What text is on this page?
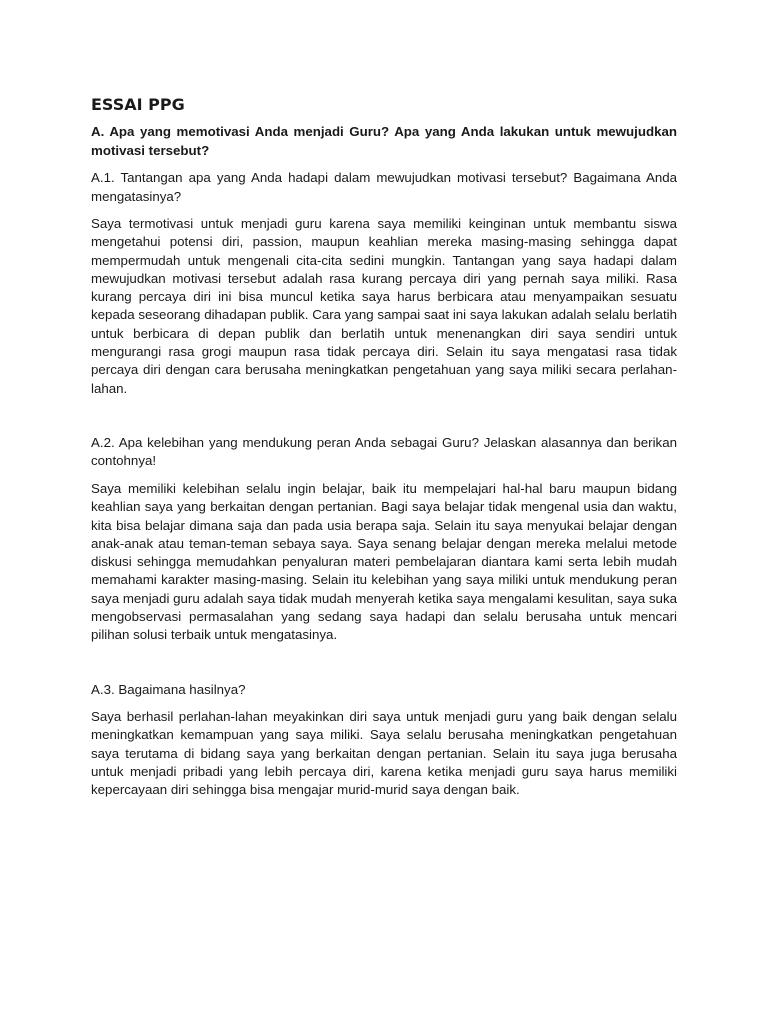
ESSAI PPG
A. Apa yang memotivasi Anda menjadi Guru? Apa yang Anda lakukan untuk mewujudkan motivasi tersebut?
A.1. Tantangan apa yang Anda hadapi dalam mewujudkan motivasi tersebut? Bagaimana Anda mengatasinya?
Saya termotivasi untuk menjadi guru karena saya memiliki keinginan untuk membantu siswa mengetahui potensi diri, passion, maupun keahlian mereka masing-masing sehingga dapat mempermudah untuk mengenali cita-cita sedini mungkin. Tantangan yang saya hadapi dalam mewujudkan motivasi tersebut adalah rasa kurang percaya diri yang pernah saya miliki. Rasa kurang percaya diri ini bisa muncul ketika saya harus berbicara atau menyampaikan sesuatu kepada seseorang dihadapan publik. Cara yang sampai saat ini saya lakukan adalah selalu berlatih untuk berbicara di depan publik dan berlatih untuk menenangkan diri saya sendiri untuk mengurangi rasa grogi maupun rasa tidak percaya diri. Selain itu saya mengatasi rasa tidak percaya diri dengan cara berusaha meningkatkan pengetahuan yang saya miliki secara perlahan-lahan.
A.2. Apa kelebihan yang mendukung peran Anda sebagai Guru? Jelaskan alasannya dan berikan contohnya!
Saya memiliki kelebihan selalu ingin belajar, baik itu mempelajari hal-hal baru maupun bidang keahlian saya yang berkaitan dengan pertanian. Bagi saya belajar tidak mengenal usia dan waktu, kita bisa belajar dimana saja dan pada usia berapa saja. Selain itu saya menyukai belajar dengan anak-anak atau teman-teman sebaya saya. Saya senang belajar dengan mereka melalui metode diskusi sehingga memudahkan penyaluran materi pembelajaran diantara kami serta lebih mudah memahami karakter masing-masing. Selain itu kelebihan yang saya miliki untuk mendukung peran saya menjadi guru adalah saya tidak mudah menyerah ketika saya mengalami kesulitan, saya suka mengobservasi permasalahan yang sedang saya hadapi dan selalu berusaha untuk mencari pilihan solusi terbaik untuk mengatasinya.
A.3. Bagaimana hasilnya?
Saya berhasil perlahan-lahan meyakinkan diri saya untuk menjadi guru yang baik dengan selalu meningkatkan kemampuan yang saya miliki. Saya selalu berusaha meningkatkan pengetahuan saya terutama di bidang saya yang berkaitan dengan pertanian. Selain itu saya juga berusaha untuk menjadi pribadi yang lebih percaya diri, karena ketika menjadi guru saya harus memiliki kepercayaan diri sehingga bisa mengajar murid-murid saya dengan baik.
